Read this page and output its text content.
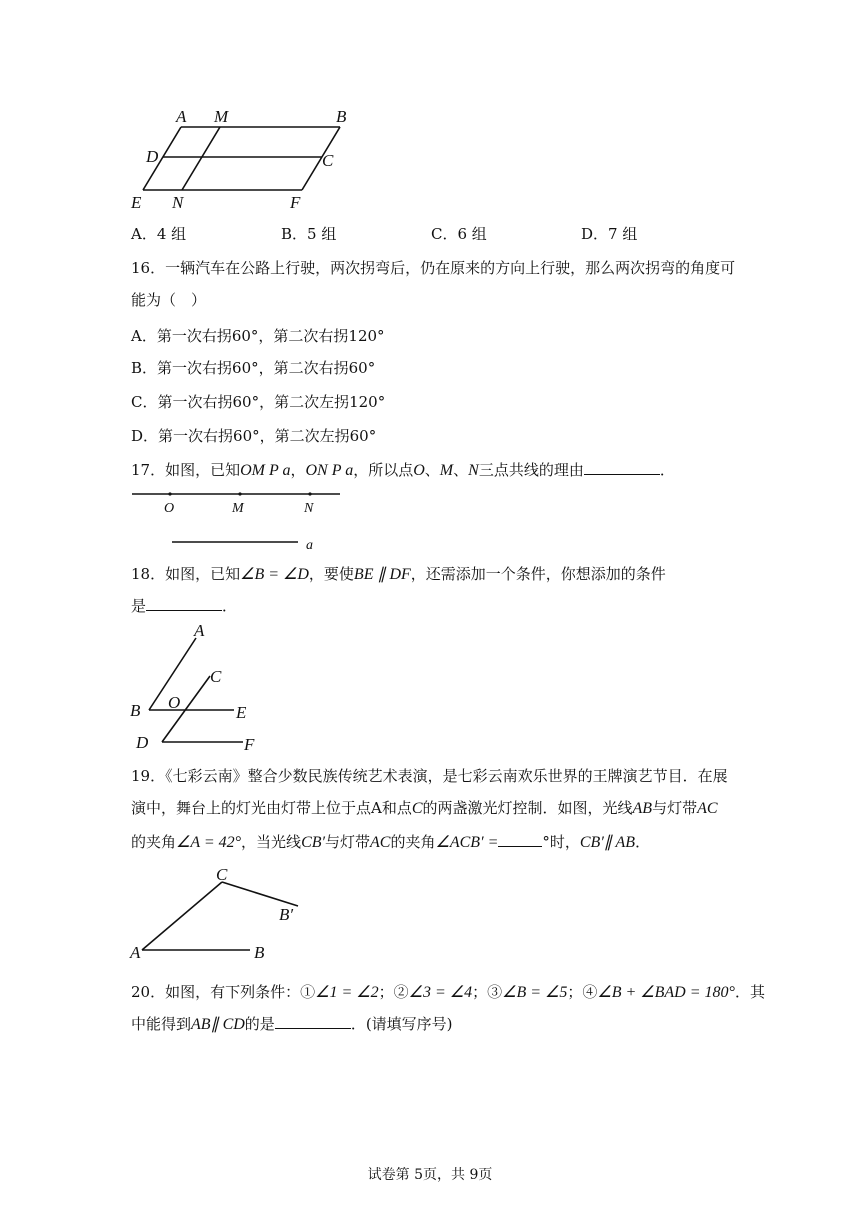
A M	B
D	C
E N	F
A．4 组	B．5 组	C．6 组	D．7 组
16．一辆汽车在公路上行驶，两次拐弯后，仍在原来的方向上行驶，那么两次拐弯的角度可
能为（　）
A．第一次右拐60°，第二次右拐120°
B．第一次右拐60°，第二次右拐60°
C．第一次右拐60°，第二次左拐120°
D．第一次右拐60°，第二次左拐60°
17．如图，已知OM P a，ON P a，所以点O、M、N三点共线的理由	．
O	M	N
a
18．如图，已知∠B = ∠D，要使BE ∥ DF，还需添加一个条件，你想添加的条件
是	．
A
C
B O
E
D	F
19．《七彩云南》整合少数民族传统艺术表演，是七彩云南欢乐世界的王牌演艺节目．在展
演中，舞台上的灯光由灯带上位于点A和点C的两盏激光灯控制．如图，光线AB与灯带AC
的夹角∠A = 42°，当光线CB′与灯带AC的夹角∠ACB′ =	°时，CB′∥ AB．
C
B′
A	B
20．如图，有下列条件：①∠1 = ∠2；②∠3 = ∠4；③∠B = ∠5；④∠B + ∠BAD = 180°．其
中能得到AB∥ CD的是	．(请填写序号)
试卷第 5页，共 9页
